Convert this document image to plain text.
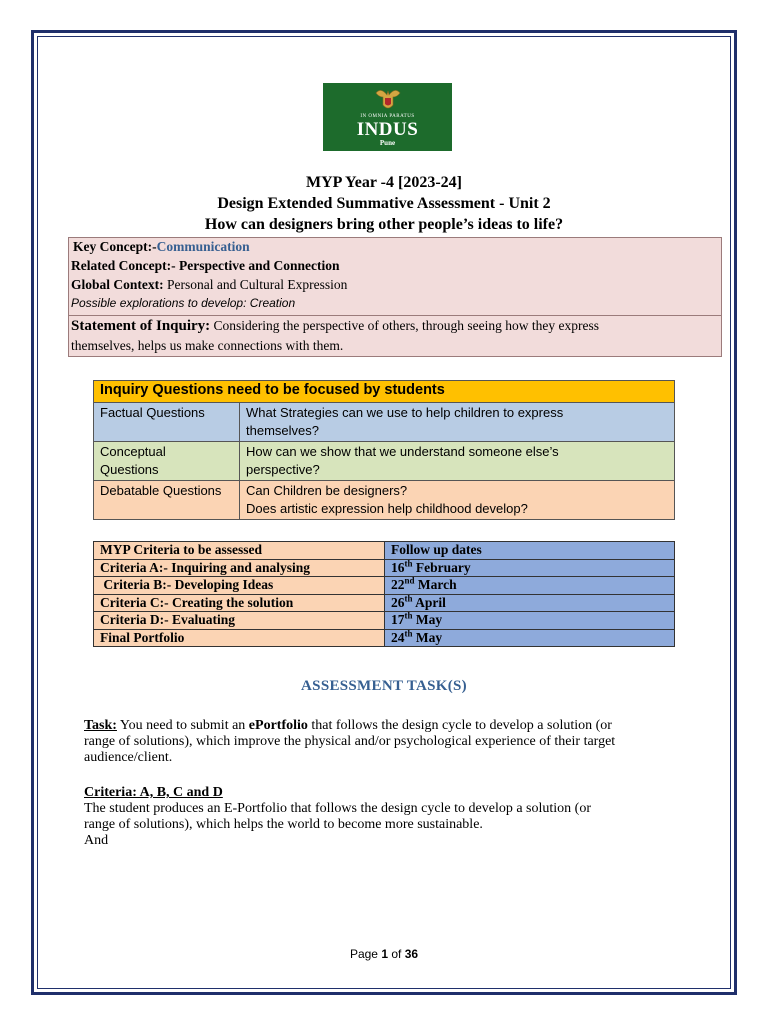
IN OMNIA PARATUS
INDUS
Pune
MYP Year -4 [2023-24]
Design Extended Summative Assessment - Unit 2
How can designers bring other people’s ideas to life?
Key Concept:-Communication
Related Concept:- Perspective and Connection
Global Context: Personal and Cultural Expression
Possible explorations to develop: Creation
Statement of Inquiry: Considering the perspective of others, through seeing how they express
themselves, helps us make connections with them.
Inquiry Questions need to be focused by students	
Factual Questions	What Strategies can we use to help children to express
themselves?
Conceptual
Questions	How can we show that we understand someone else’s
perspective?
Debatable Questions	Can Children be designers?
Does artistic expression help childhood develop?
MYP Criteria to be assessed	Follow up dates
Criteria A:- Inquiring and analysing	16th February
Criteria B:- Developing Ideas	22nd March
Criteria C:- Creating the solution	26th April
Criteria D:- Evaluating	17th May
Final Portfolio	24th May
ASSESSMENT TASK(S)
Task: You need to submit an ePortfolio that follows the design cycle to develop a solution (or
range of solutions), which improve the physical and/or psychological experience of their target
audience/client.
Criteria: A, B, C and D
The student produces an E-Portfolio that follows the design cycle to develop a solution (or
range of solutions), which helps the world to become more sustainable.
And
Page 1 of 36
